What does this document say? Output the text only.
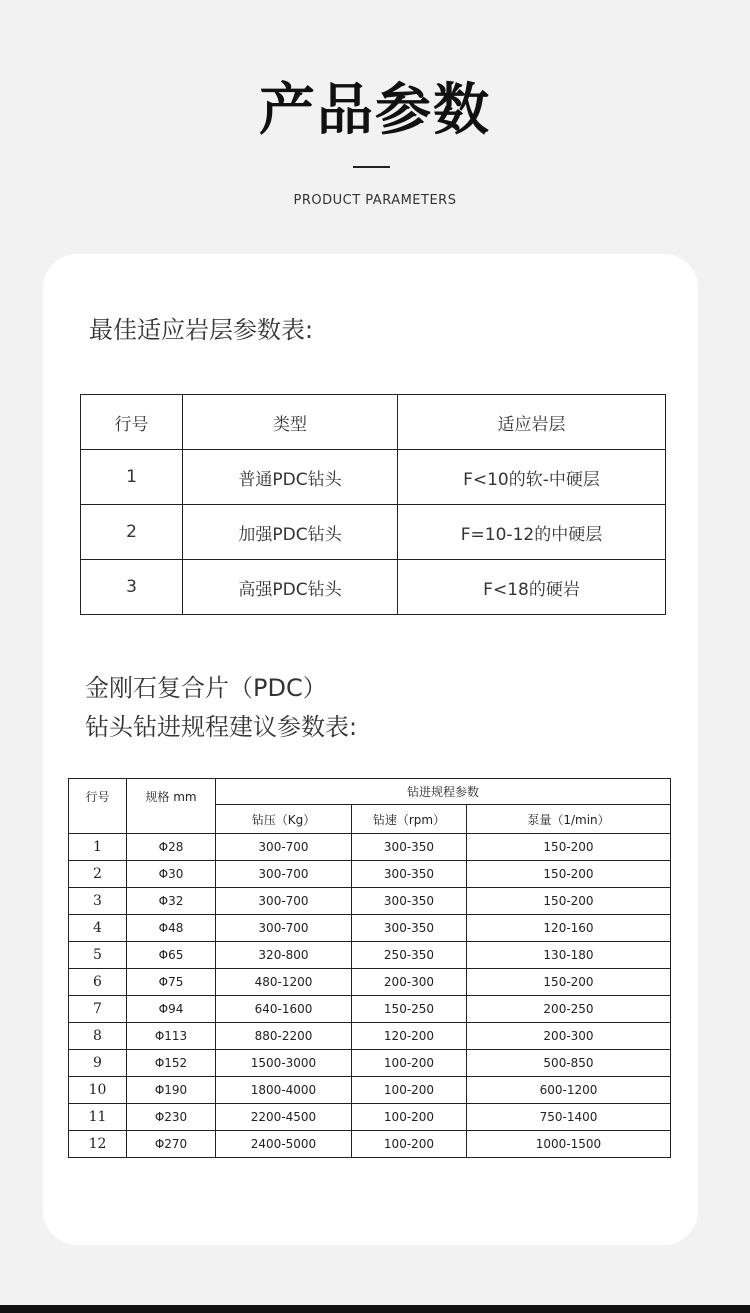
产品参数
PRODUCT PARAMETERS
最佳适应岩层参数表:
行号	类型	适应岩层
1	普通PDC钻头	F<10的软-中硬层
2	加强PDC钻头	F=10-12的中硬层
3	高强PDC钻头	F<18的硬岩
金刚石复合片（PDC）
钻头钻进规程建议参数表:
行号	规格 mm	钻进规程参数		
		钻压（Kg）	钻速（rpm）	泵量（1/min）
1	Φ28	300-700	300-350	150-200
2	Φ30	300-700	300-350	150-200
3	Φ32	300-700	300-350	150-200
4	Φ48	300-700	300-350	120-160
5	Φ65	320-800	250-350	130-180
6	Φ75	480-1200	200-300	150-200
7	Φ94	640-1600	150-250	200-250
8	Φ113	880-2200	120-200	200-300
9	Φ152	1500-3000	100-200	500-850
10	Φ190	1800-4000	100-200	600-1200
11	Φ230	2200-4500	100-200	750-1400
12	Φ270	2400-5000	100-200	1000-1500
